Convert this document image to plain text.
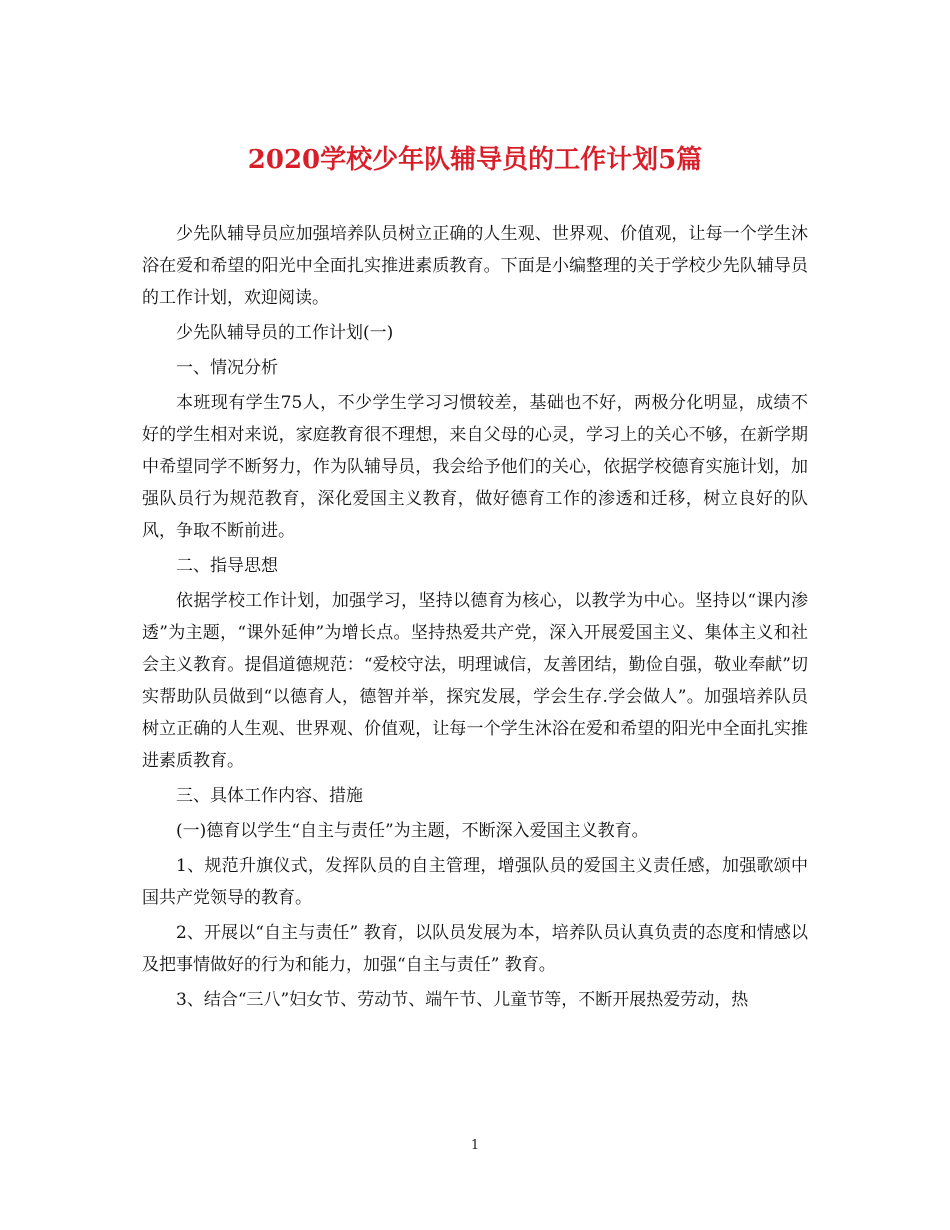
2020学校少年队辅导员的工作计划5篇

少先队辅导员应加强培养队员树立正确的人生观、世界观、价值观，让每一个学生沐浴在爱和希望的阳光中全面扎实推进素质教育。下面是小编整理的关于学校少先队辅导员的工作计划，欢迎阅读。

少先队辅导员的工作计划(一)

一、情况分析

本班现有学生75人，不少学生学习习惯较差，基础也不好，两极分化明显，成绩不好的学生相对来说，家庭教育很不理想，来自父母的心灵，学习上的关心不够，在新学期中希望同学不断努力，作为队辅导员，我会给予他们的关心，依据学校德育实施计划，加强队员行为规范教育，深化爱国主义教育，做好德育工作的渗透和迁移，树立良好的队风，争取不断前进。

二、指导思想

依据学校工作计划，加强学习，坚持以德育为核心，以教学为中心。坚持以“课内渗透”为主题，“课外延伸”为增长点。坚持热爱共产党，深入开展爱国主义、集体主义和社会主义教育。提倡道德规范：“爱校守法，明理诚信，友善团结，勤俭自强，敬业奉献”切实帮助队员做到“以德育人，德智并举，探究发展，学会生存.学会做人”。加强培养队员树立正确的人生观、世界观、价值观，让每一个学生沐浴在爱和希望的阳光中全面扎实推进素质教育。

三、具体工作内容、措施

(一)德育以学生“自主与责任”为主题，不断深入爱国主义教育。

1、规范升旗仪式，发挥队员的自主管理，增强队员的爱国主义责任感，加强歌颂中国共产党领导的教育。

2、开展以“自主与责任” 教育，以队员发展为本，培养队员认真负责的态度和情感以及把事情做好的行为和能力，加强“自主与责任” 教育。

3、结合“三八”妇女节、劳动节、端午节、儿童节等，不断开展热爱劳动，热

1
